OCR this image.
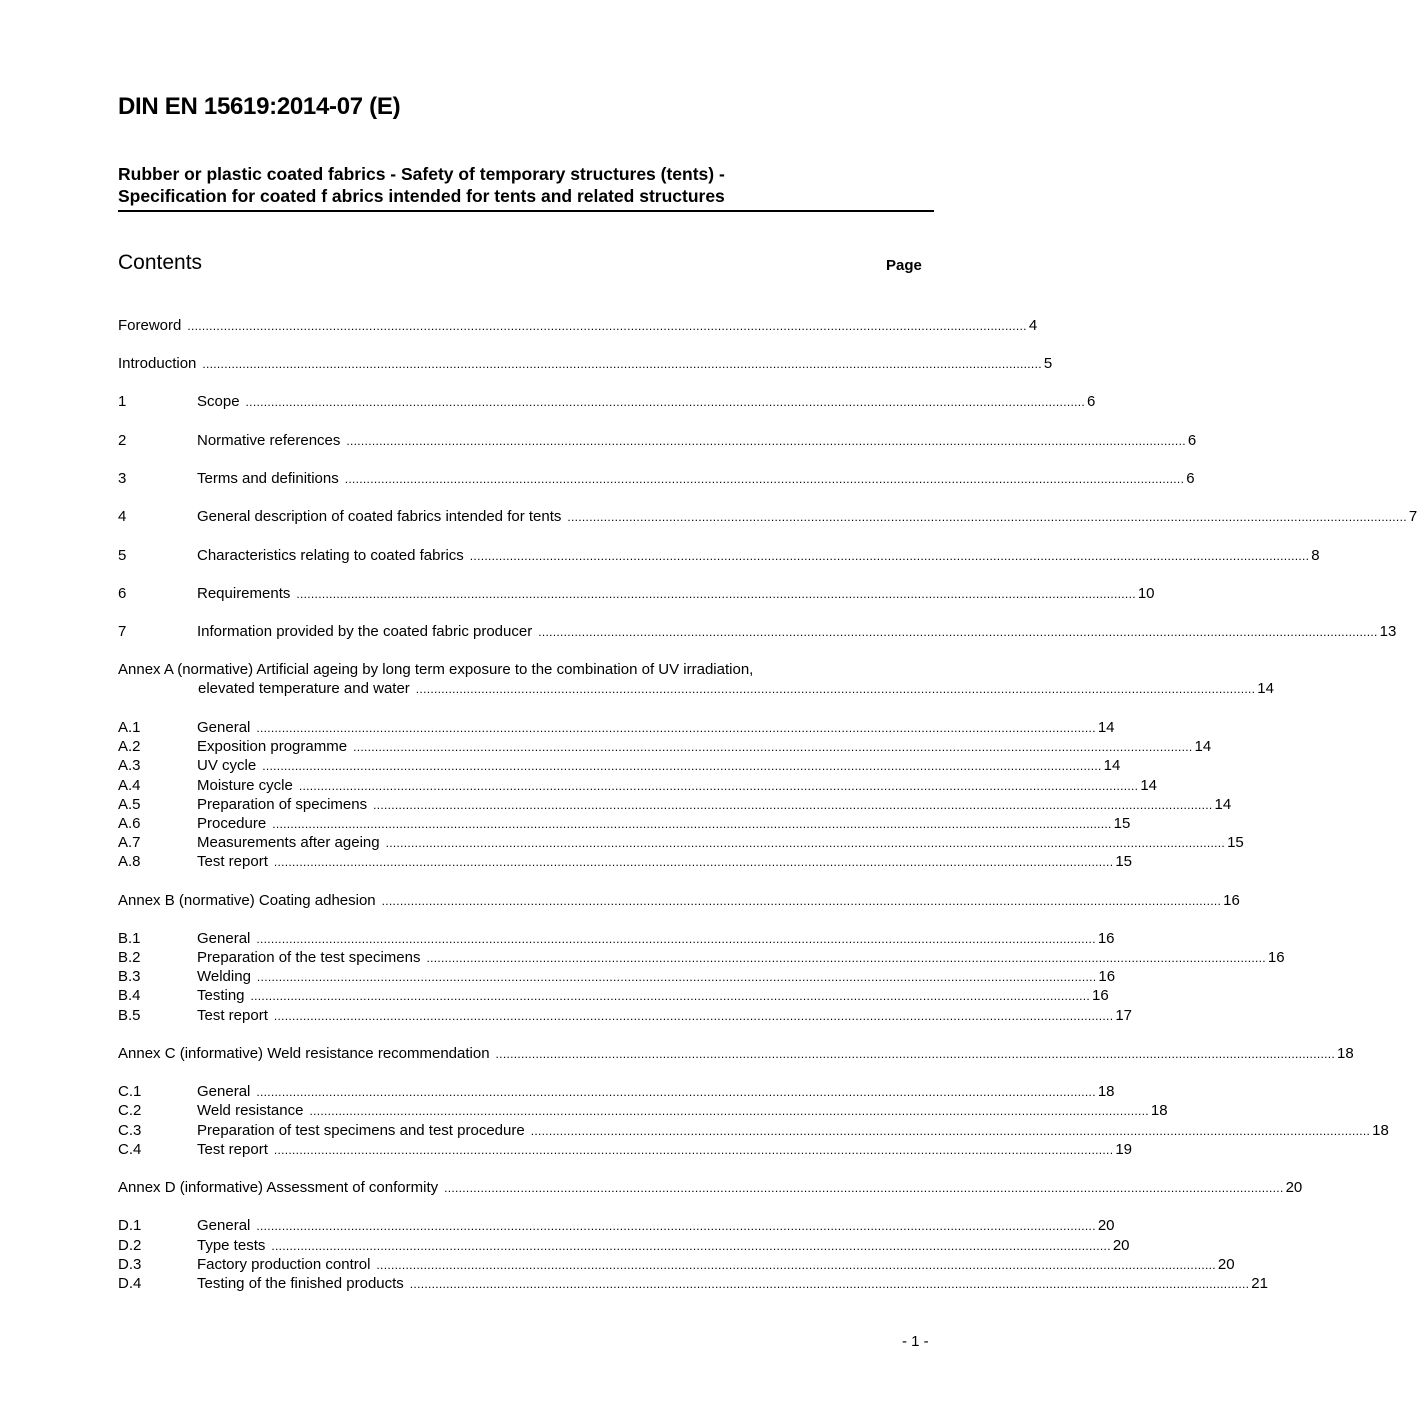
DIN EN 15619:2014-07 (E)
Rubber or plastic coated fabrics - Safety of temporary structures (tents) -
Specification for coated f abrics intended for tents and related structures
Contents	Page
Foreword ....................................................................................................................................................................................................................................... 4
Introduction ....................................................................................................................................................................................................................................... 5
1	Scope ....................................................................................................................................................................................................................................... 6
2	Normative references ....................................................................................................................................................................................................................................... 6
3	Terms and definitions ....................................................................................................................................................................................................................................... 6
4	General description of coated fabrics intended for tents ....................................................................................................................................................................................................................................... 7
5	Characteristics relating to coated fabrics ....................................................................................................................................................................................................................................... 8
6	Requirements ....................................................................................................................................................................................................................................... 10
7	Information provided by the coated fabric producer ....................................................................................................................................................................................................................................... 13
Annex A (normative) Artificial ageing by long term exposure to the combination of UV irradiation,
elevated temperature and water ....................................................................................................................................................................................................................................... 14
A.1	General ....................................................................................................................................................................................................................................... 14
A.2	Exposition programme ....................................................................................................................................................................................................................................... 14
A.3	UV cycle ....................................................................................................................................................................................................................................... 14
A.4	Moisture cycle ....................................................................................................................................................................................................................................... 14
A.5	Preparation of specimens ....................................................................................................................................................................................................................................... 14
A.6	Procedure ....................................................................................................................................................................................................................................... 15
A.7	Measurements after ageing ....................................................................................................................................................................................................................................... 15
A.8	Test report ....................................................................................................................................................................................................................................... 15
Annex B (normative) Coating adhesion ....................................................................................................................................................................................................................................... 16
B.1	General ....................................................................................................................................................................................................................................... 16
B.2	Preparation of the test specimens ....................................................................................................................................................................................................................................... 16
B.3	Welding ....................................................................................................................................................................................................................................... 16
B.4	Testing ....................................................................................................................................................................................................................................... 16
B.5	Test report ....................................................................................................................................................................................................................................... 17
Annex C (informative) Weld resistance recommendation ....................................................................................................................................................................................................................................... 18
C.1	General ....................................................................................................................................................................................................................................... 18
C.2	Weld resistance ....................................................................................................................................................................................................................................... 18
C.3	Preparation of test specimens and test procedure ....................................................................................................................................................................................................................................... 18
C.4	Test report ....................................................................................................................................................................................................................................... 19
Annex D (informative) Assessment of conformity ....................................................................................................................................................................................................................................... 20
D.1	General ....................................................................................................................................................................................................................................... 20
D.2	Type tests ....................................................................................................................................................................................................................................... 20
D.3	Factory production control ....................................................................................................................................................................................................................................... 20
D.4	Testing of the finished products ....................................................................................................................................................................................................................................... 21
- 1 -
